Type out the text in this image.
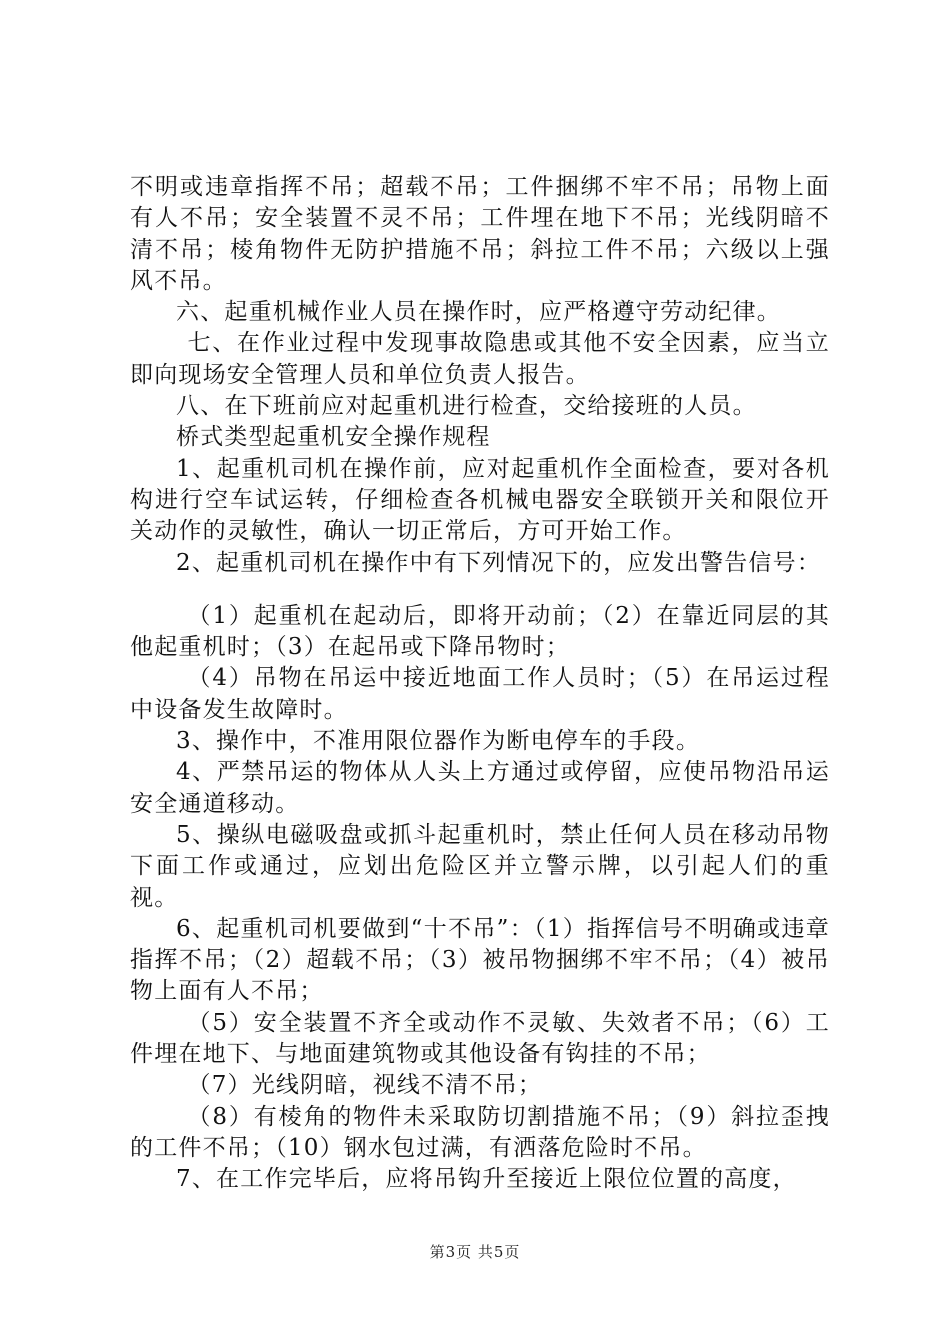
不明或违章指挥不吊；超载不吊；工件捆绑不牢不吊；吊物上面有人不吊；安全装置不灵不吊；工件埋在地下不吊；光线阴暗不清不吊；棱角物件无防护措施不吊；斜拉工件不吊；六级以上强风不吊。

六、起重机械作业人员在操作时，应严格遵守劳动纪律。

七、在作业过程中发现事故隐患或其他不安全因素，应当立即向现场安全管理人员和单位负责人报告。

八、在下班前应对起重机进行检查，交给接班的人员。

桥式类型起重机安全操作规程

1、起重机司机在操作前，应对起重机作全面检查，要对各机构进行空车试运转，仔细检查各机械电器安全联锁开关和限位开关动作的灵敏性，确认一切正常后，方可开始工作。

2、起重机司机在操作中有下列情况下的，应发出警告信号：

（1）起重机在起动后，即将开动前；（2）在靠近同层的其他起重机时；（3）在起吊或下降吊物时；

（4）吊物在吊运中接近地面工作人员时；（5）在吊运过程中设备发生故障时。

3、操作中，不准用限位器作为断电停车的手段。

4、严禁吊运的物体从人头上方通过或停留，应使吊物沿吊运安全通道移动。

5、操纵电磁吸盘或抓斗起重机时，禁止任何人员在移动吊物下面工作或通过，应划出危险区并立警示牌，以引起人们的重视。

6、起重机司机要做到“十不吊”：（1）指挥信号不明确或违章指挥不吊；（2）超载不吊；（3）被吊物捆绑不牢不吊；（4）被吊物上面有人不吊；

（5）安全装置不齐全或动作不灵敏、失效者不吊；（6）工件埋在地下、与地面建筑物或其他设备有钩挂的不吊；

（7）光线阴暗，视线不清不吊；

（8）有棱角的物件未采取防切割措施不吊；（9）斜拉歪拽的工件不吊；（10）钢水包过满，有洒落危险时不吊。

7、在工作完毕后，应将吊钩升至接近上限位位置的高度，

第3页 共5页
